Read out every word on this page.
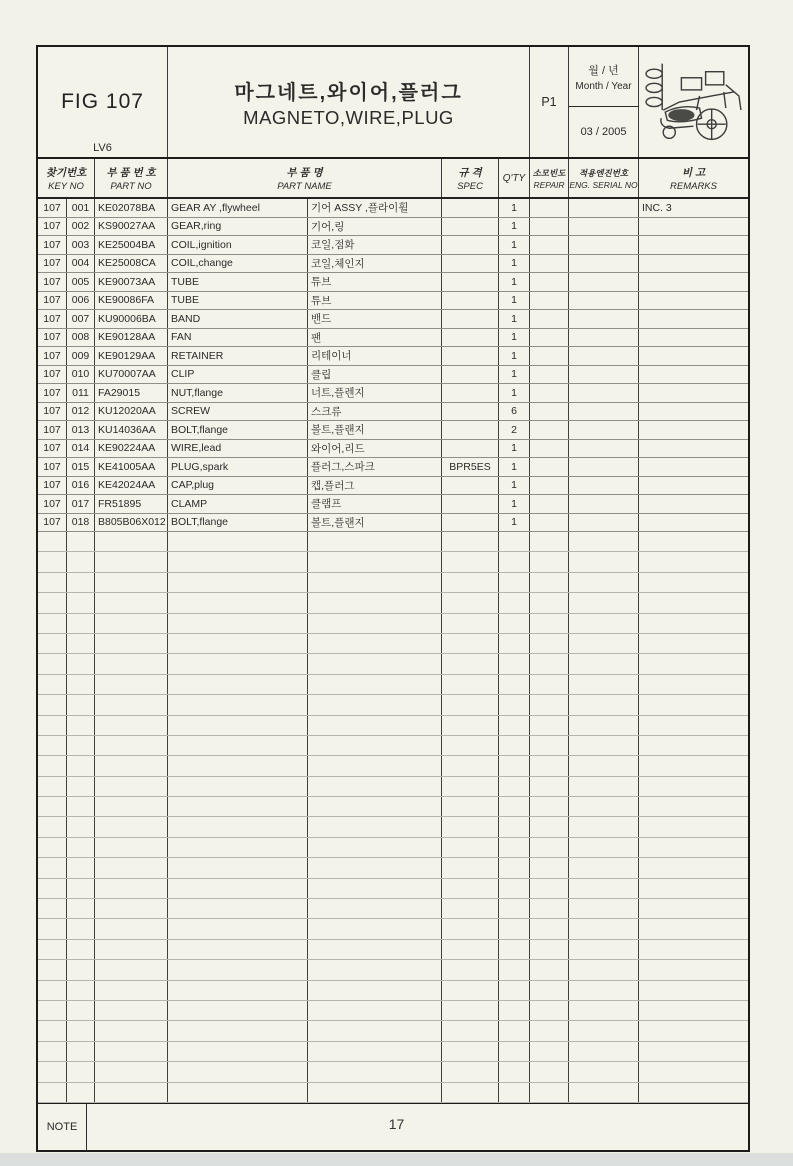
FIG 107
LV6
마그네트,와이어,플러그
MAGNETO,WIRE,PLUG
P1
월 / 년
Month / Year
03 / 2005
찾기번호
KEY NO
부 품 번 호
PART NO
부 품 명
PART NAME
규 격
SPEC
Q'TY 소모빈도
REPAIR
적용엔진번호
ENG. SERIAL NO
비 고
REMARKS
107	001 KE02078BA	GEAR AY ,flywheel	기어 ASSY ,플라이휠	1	INC. 3
107	002 KS90027AA	GEAR,ring	기어,링	1
107	003 KE25004BA	COIL,ignition	코일,점화	1
107	004 KE25008CA	COIL,change	코일,체인지	1
107	005 KE90073AA	TUBE	튜브	1
107	006 KE90086FA	TUBE	튜브	1
107	007 KU90006BA	BAND	밴드	1
107	008 KE90128AA	FAN	팬	1
107	009 KE90129AA	RETAINER	리테이너	1
107	010 KU70007AA	CLIP	클립	1
107	011 FA29015	NUT,flange	너트,플렌지	1
107	012 KU12020AA	SCREW	스크류	6
107	013 KU14036AA	BOLT,flange	볼트,플랜지	2
107	014 KE90224AA	WIRE,lead	와이어,리드	1
107	015 KE41005AA	PLUG,spark	플러그,스파크	BPR5ES	1
107	016 KE42024AA	CAP,plug	캡,플러그	1
107	017 FR51895	CLAMP	클램프	1
107	018 B805B06X012 BOLT,flange	볼트,플랜지	1
NOTE	17
